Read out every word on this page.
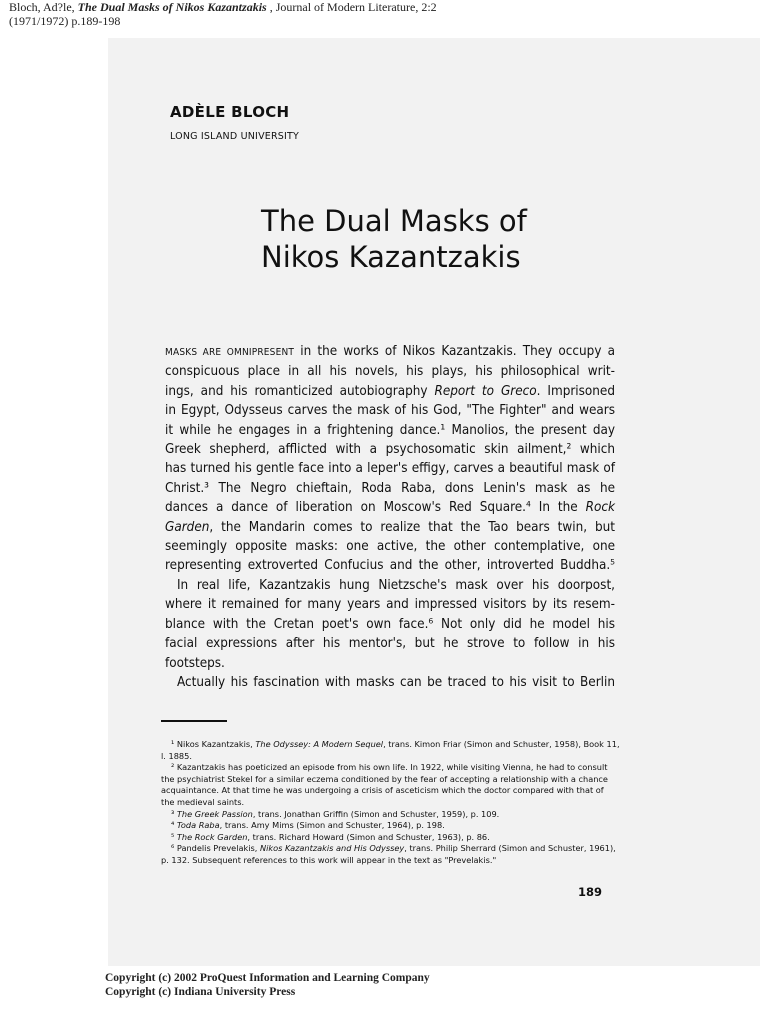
Bloch, Ad?le, The Dual Masks of Nikos Kazantzakis , Journal of Modern Literature, 2:2
(1971/1972) p.189-198
ADÈLE BLOCH
LONG ISLAND UNIVERSITY
The Dual Masks of
Nikos Kazantzakis
MASKS ARE OMNIPRESENT in the works of Nikos Kazantzakis. They occupy a
conspicuous place in all his novels, his plays, his philosophical writ-
ings, and his romanticized autobiography Report to Greco. Imprisoned
in Egypt, Odysseus carves the mask of his God, "The Fighter" and wears
it while he engages in a frightening dance.¹ Manolios, the present day
Greek shepherd, afflicted with a psychosomatic skin ailment,² which
has turned his gentle face into a leper's effigy, carves a beautiful mask of
Christ.³ The Negro chieftain, Roda Raba, dons Lenin's mask as he
dances a dance of liberation on Moscow's Red Square.⁴ In the Rock
Garden, the Mandarin comes to realize that the Tao bears twin, but
seemingly opposite masks: one active, the other contemplative, one
representing extroverted Confucius and the other, introverted Buddha.⁵
In real life, Kazantzakis hung Nietzsche's mask over his doorpost,
where it remained for many years and impressed visitors by its resem-
blance with the Cretan poet's own face.⁶ Not only did he model his
facial expressions after his mentor's, but he strove to follow in his
footsteps.
Actually his fascination with masks can be traced to his visit to Berlin
¹ Nikos Kazantzakis, The Odyssey: A Modern Sequel, trans. Kimon Friar (Simon and Schuster, 1958), Book 11,
l. 1885.
² Kazantzakis has poeticized an episode from his own life. In 1922, while visiting Vienna, he had to consult
the psychiatrist Stekel for a similar eczema conditioned by the fear of accepting a relationship with a chance
acquaintance. At that time he was undergoing a crisis of asceticism which the doctor compared with that of
the medieval saints.
³ The Greek Passion, trans. Jonathan Griffin (Simon and Schuster, 1959), p. 109.
⁴ Toda Raba, trans. Amy Mims (Simon and Schuster, 1964), p. 198.
⁵ The Rock Garden, trans. Richard Howard (Simon and Schuster, 1963), p. 86.
⁶ Pandelis Prevelakis, Nikos Kazantzakis and His Odyssey, trans. Philip Sherrard (Simon and Schuster, 1961),
p. 132. Subsequent references to this work will appear in the text as "Prevelakis."
189
Copyright (c) 2002 ProQuest Information and Learning Company
Copyright (c) Indiana University Press
